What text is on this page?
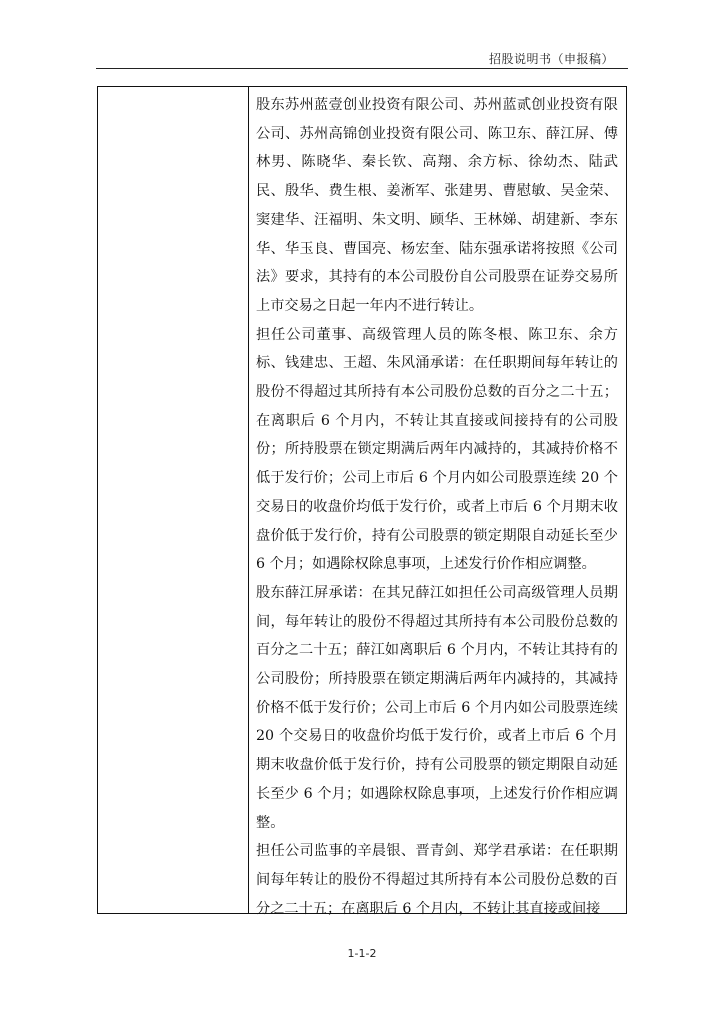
招股说明书（申报稿）

股东苏州蓝壹创业投资有限公司、苏州蓝贰创业投资有限公司、苏州高锦创业投资有限公司、陈卫东、薛江屏、傅林男、陈晓华、秦长钦、高翔、余方标、徐幼杰、陆武民、殷华、费生根、姜淅军、张建男、曹慰敏、吴金荣、窦建华、汪福明、朱文明、顾华、王林娣、胡建新、李东华、华玉良、曹国亮、杨宏奎、陆东强承诺将按照《公司法》要求，其持有的本公司股份自公司股票在证券交易所上市交易之日起一年内不进行转让。

担任公司董事、高级管理人员的陈冬根、陈卫东、余方标、钱建忠、王超、朱风涌承诺：在任职期间每年转让的股份不得超过其所持有本公司股份总数的百分之二十五；在离职后 6 个月内，不转让其直接或间接持有的公司股份；所持股票在锁定期满后两年内减持的，其减持价格不低于发行价；公司上市后 6 个月内如公司股票连续 20 个交易日的收盘价均低于发行价，或者上市后 6 个月期末收盘价低于发行价，持有公司股票的锁定期限自动延长至少 6 个月；如遇除权除息事项，上述发行价作相应调整。

股东薛江屏承诺：在其兄薛江如担任公司高级管理人员期间，每年转让的股份不得超过其所持有本公司股份总数的百分之二十五；薛江如离职后 6 个月内，不转让其持有的公司股份；所持股票在锁定期满后两年内减持的，其减持价格不低于发行价；公司上市后 6 个月内如公司股票连续 20 个交易日的收盘价均低于发行价，或者上市后 6 个月期末收盘价低于发行价，持有公司股票的锁定期限自动延长至少 6 个月；如遇除权除息事项，上述发行价作相应调整。

担任公司监事的辛晨银、晋青剑、郑学君承诺：在任职期间每年转让的股份不得超过其所持有本公司股份总数的百分之二十五；在离职后 6 个月内，不转让其直接或间接

1-1-2
